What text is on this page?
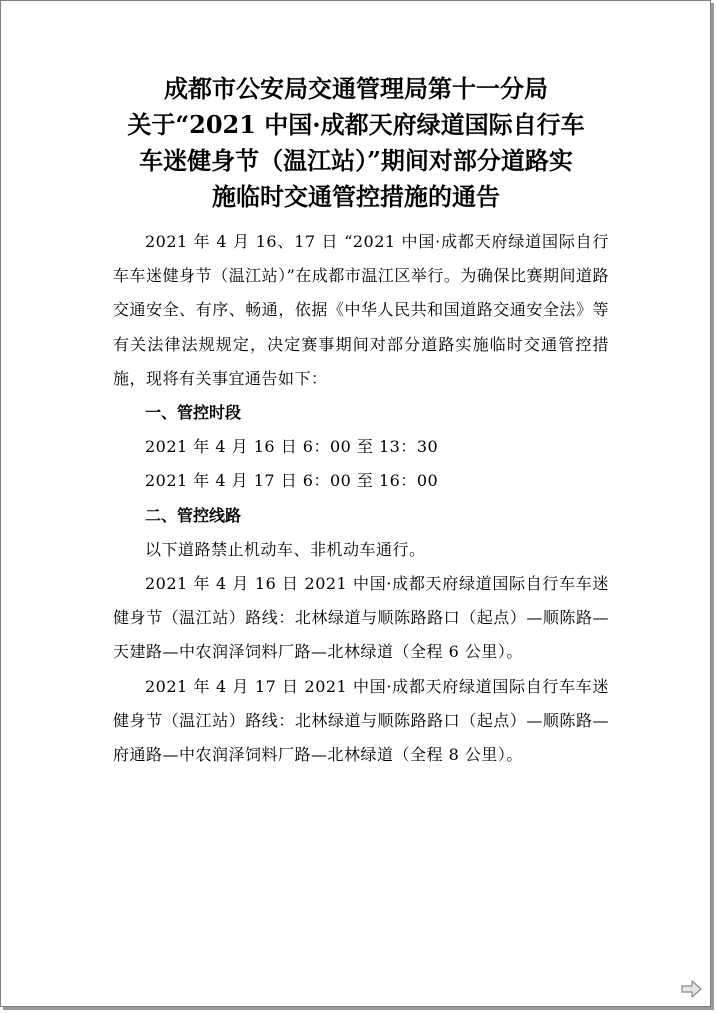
成都市公安局交通管理局第十一分局
关于“2021 中国·成都天府绿道国际自行车
车迷健身节（温江站）”期间对部分道路实
施临时交通管控措施的通告

2021 年 4 月 16、17 日 “2021 中国·成都天府绿道国际自行车车迷健身节（温江站）”在成都市温江区举行。为确保比赛期间道路交通安全、有序、畅通，依据《中华人民共和国道路交通安全法》等有关法律法规规定，决定赛事期间对部分道路实施临时交通管控措施，现将有关事宜通告如下：

一、管控时段

2021 年 4 月 16 日 6：00 至 13：30

2021 年 4 月 17 日 6：00 至 16：00

二、管控线路

以下道路禁止机动车、非机动车通行。

2021 年 4 月 16 日 2021 中国·成都天府绿道国际自行车车迷健身节（温江站）路线：北林绿道与顺陈路路口（起点）—顺陈路—天建路—中农润泽饲料厂路—北林绿道（全程 6 公里）。

2021 年 4 月 17 日 2021 中国·成都天府绿道国际自行车车迷健身节（温江站）路线：北林绿道与顺陈路路口（起点）—顺陈路—府通路—中农润泽饲料厂路—北林绿道（全程 8 公里）。
